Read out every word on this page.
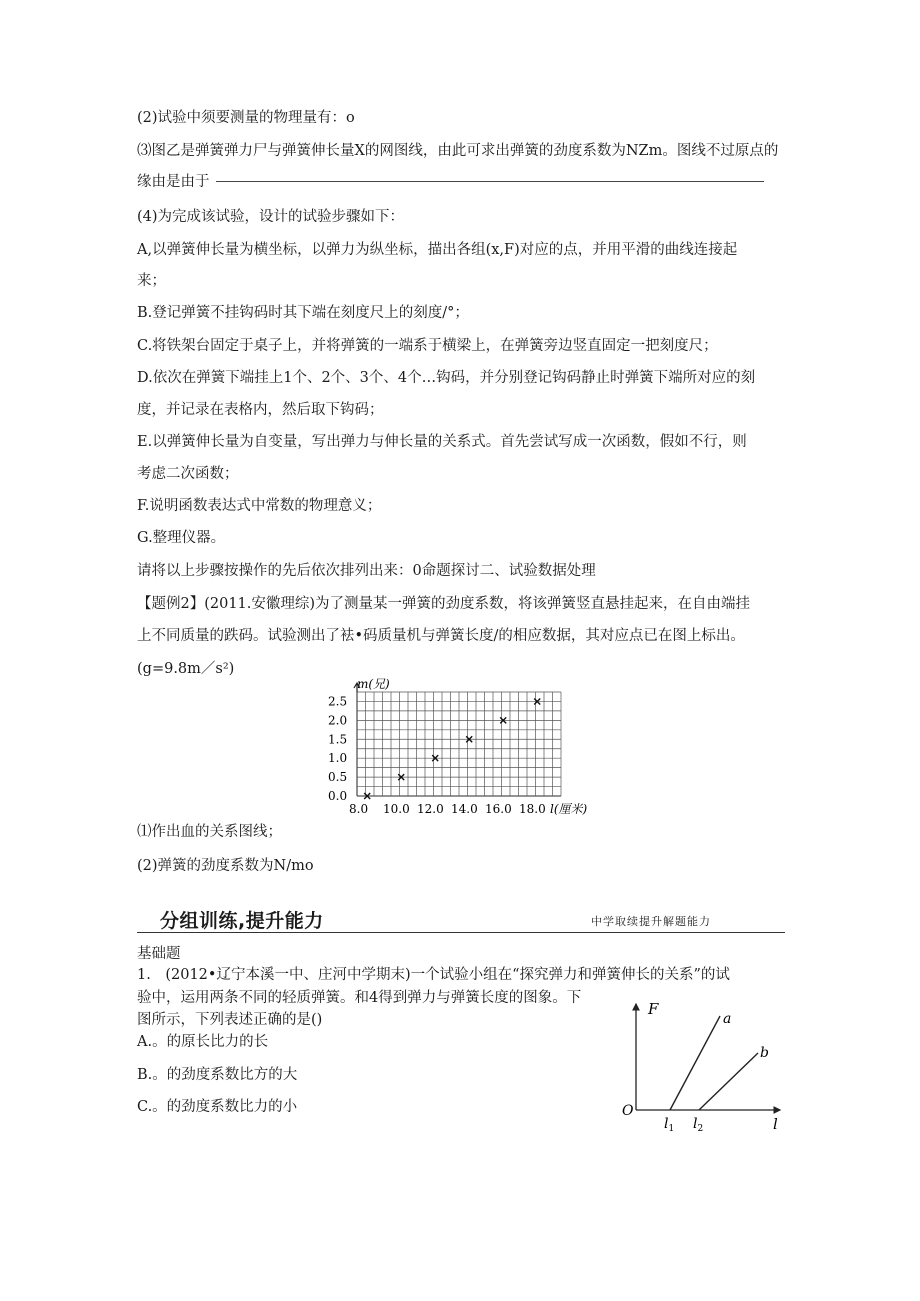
(2)试验中须要测量的物理量有：o
⑶图乙是弹簧弹力尸与弹簧伸长量X的网图线，由此可求出弹簧的劲度系数为NZm。图线不过原点的
缘由是由于
(4)为完成该试验，设计的试验步骤如下：
A,以弹簧伸长量为横坐标，以弹力为纵坐标，描出各组(x,F)对应的点，并用平滑的曲线连接起
来；
B.登记弹簧不挂钩码时其下端在刻度尺上的刻度/°；
C.将铁架台固定于桌子上，并将弹簧的一端系于横梁上，在弹簧旁边竖直固定一把刻度尺；
D.依次在弹簧下端挂上1个、2个、3个、4个…钩码，并分别登记钩码静止时弹簧下端所对应的刻
度，并记录在表格内，然后取下钩码；
E.以弹簧伸长量为自变量，写出弹力与伸长量的关系式。首先尝试写成一次函数，假如不行，则
考虑二次函数；
F.说明函数表达式中常数的物理意义；
G.整理仪器。
请将以上步骤按操作的先后依次排列出来：0命题探讨二、试验数据处理
【题例2】(2011.安徽理综)为了测量某一弹簧的劲度系数，将该弹簧竖直悬挂起来，在自由端挂
上不同质量的跌码。试验测出了袪•码质量机与弹簧长度/的相应数据，其对应点已在图上标出。
(g=9.8m／s²)
⑴作出血的关系图线；
(2)弹簧的劲度系数为N/mo
基础题
1.　(2012•辽宁本溪一中、庄河中学期末)一个试验小组在“探究弹力和弹簧伸长的关系”的试
验中，运用两条不同的轻质弹簧。和4得到弹力与弹簧长度的图象。下
图所示，下列表述正确的是()
A.。的原长比力的长
B.。的劲度系数比方的大
C.。的劲度系数比力的小
分组训练,提升能力	中学取续提升解题能力
m(兄)
l(厘米)
8.0 10.0 12.0 14.0 16.0 18.0
0.0
0.5
1.0
1.5
2.0
2.5
F
l
O
a
b
$l_1$ $l_2$
